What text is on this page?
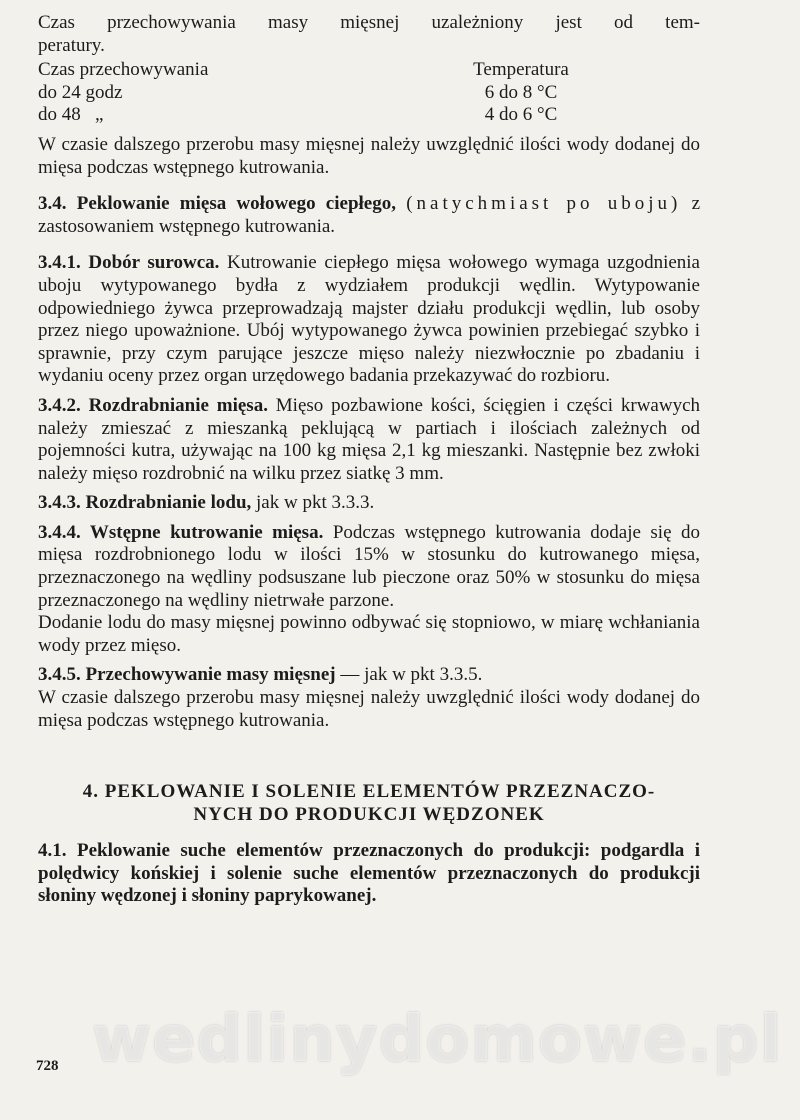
Czas przechowywania masy mięsnej uzależniony jest od tem-
peratury.

Czas przechowywania	Temperatura
do 24 godz	6 do 8 °C
do 48   „	4 do 6 °C

W czasie dalszego przerobu masy mięsnej należy uwzględnić ilości wody dodanej do mięsa podczas wstępnego kutrowania.

3.4. Peklowanie mięsa wołowego ciepłego, (natychmiast po uboju) z zastosowaniem wstępnego kutrowania.

3.4.1. Dobór surowca. Kutrowanie ciepłego mięsa wołowego wymaga uzgodnienia uboju wytypowanego bydła z wydziałem produkcji wędlin. Wytypowanie odpowiedniego żywca przeprowadzają majster działu produkcji wędlin, lub osoby przez niego upoważnione. Ubój wytypowanego żywca powinien przebiegać szybko i sprawnie, przy czym parujące jeszcze mięso należy niezwłocznie po zbadaniu i wydaniu oceny przez organ urzędowego badania przekazywać do rozbioru.

3.4.2. Rozdrabnianie mięsa. Mięso pozbawione kości, ścięgien i części krwawych należy zmieszać z mieszanką peklującą w partiach i ilościach zależnych od pojemności kutra, używając na 100 kg mięsa 2,1 kg mieszanki. Następnie bez zwłoki należy mięso rozdrobnić na wilku przez siatkę 3 mm.

3.4.3. Rozdrabnianie lodu, jak w pkt 3.3.3.

3.4.4. Wstępne kutrowanie mięsa. Podczas wstępnego kutrowania dodaje się do mięsa rozdrobnionego lodu w ilości 15% w stosunku do kutrowanego mięsa, przeznaczonego na wędliny podsuszane lub pieczone oraz 50% w stosunku do mięsa przeznaczonego na wędliny nietrwałe parzone.

Dodanie lodu do masy mięsnej powinno odbywać się stopniowo, w miarę wchłaniania wody przez mięso.

3.4.5. Przechowywanie masy mięsnej — jak w pkt 3.3.5.

W czasie dalszego przerobu masy mięsnej należy uwzględnić ilości wody dodanej do mięsa podczas wstępnego kutrowania.

4. PEKLOWANIE I SOLENIE ELEMENTÓW PRZEZNACZO-
NYCH DO PRODUKCJI WĘDZONEK

4.1. Peklowanie suche elementów przeznaczonych do produkcji: podgardla i polędwicy końskiej i solenie suche elementów przeznaczonych do produkcji słoniny wędzonej i słoniny paprykowanej.

wedlinydomowe.pl
728
